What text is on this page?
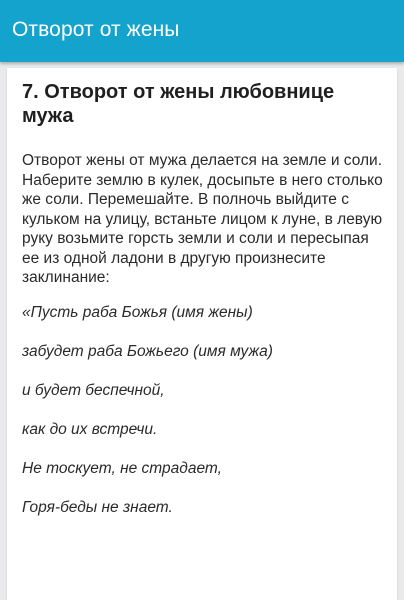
Отворот от жены
7. Отворот от жены любовнице мужа

Отворот жены от мужа делается на земле и соли. Наберите землю в кулек, досыпьте в него столько же соли. Перемешайте. В полночь выйдите с кульком на улицу, встаньте лицом к луне, в левую руку возьмите горсть земли и соли и пересыпая ее из одной ладони в другую произнесите заклинание:

«Пусть раба Божья (имя жены)

забудет раба Божьего (имя мужа)

и будет беспечной,

как до их встречи.

Не тоскует, не страдает,

Горя-беды не знает.
